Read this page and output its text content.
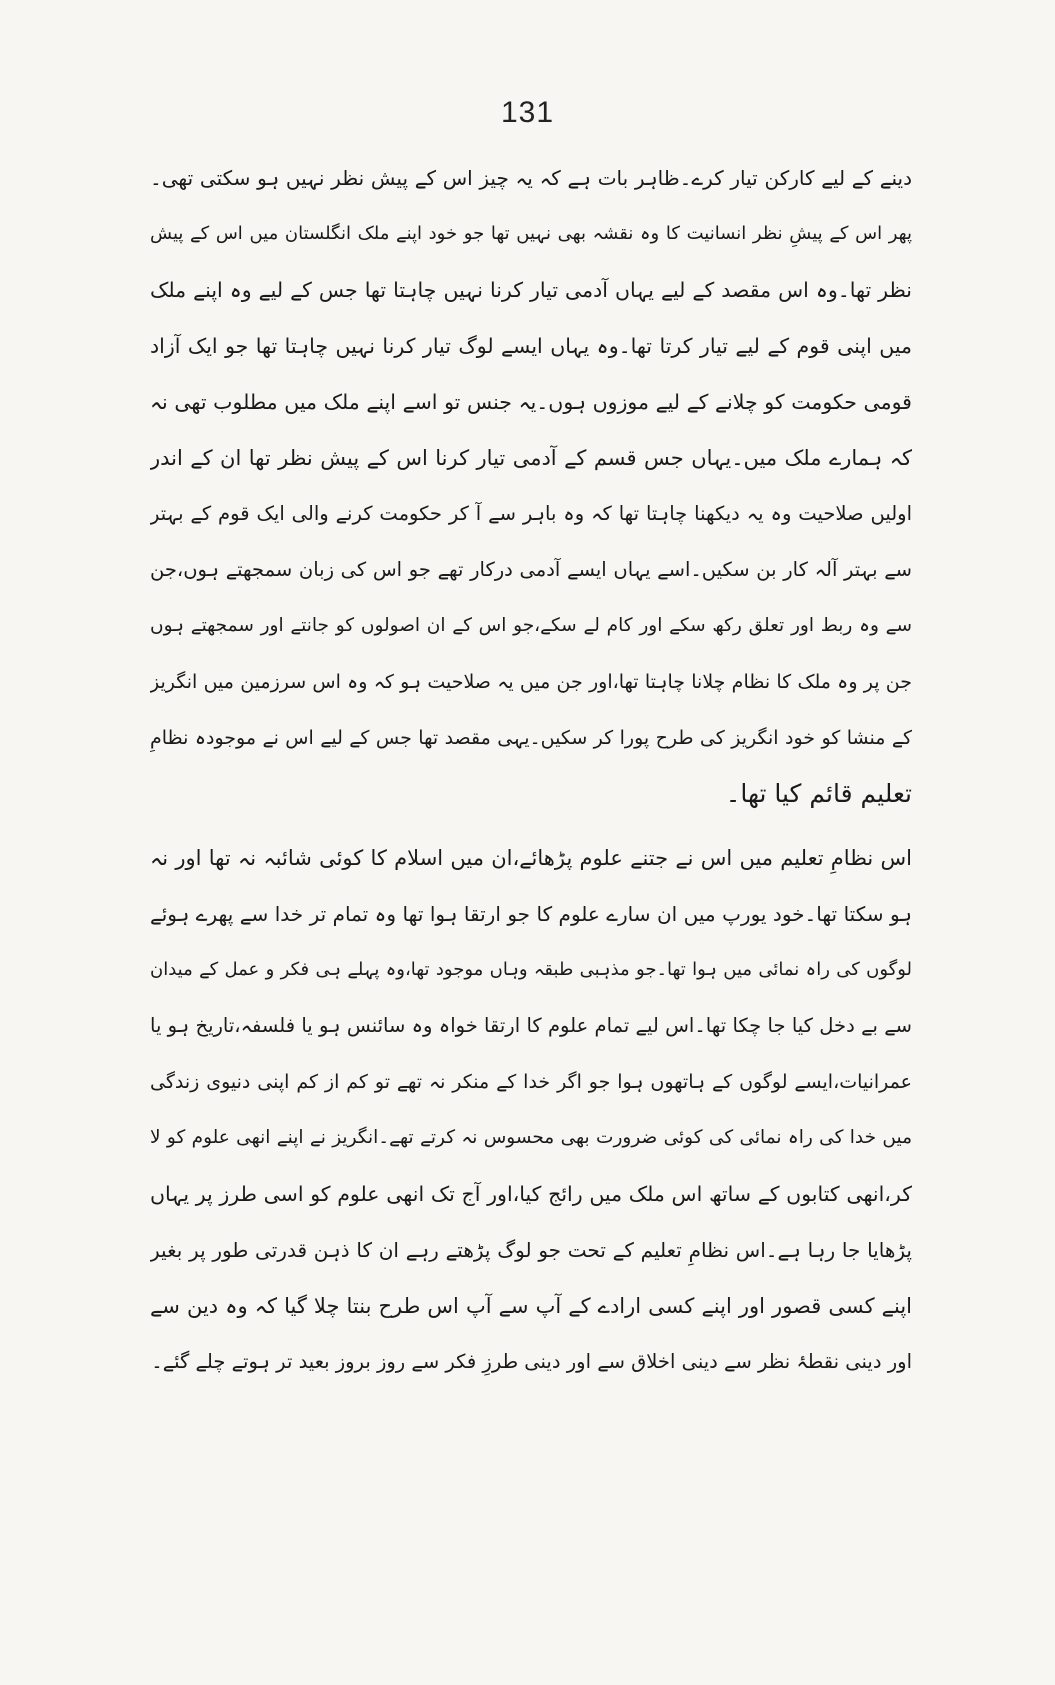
131
دینے کے لیے کارکن تیار کرے۔ظاہر بات ہے کہ یہ چیز اس کے پیش نظر نہیں ہو سکتی تھی۔
پھر اس کے پیشِ نظر انسانیت کا وہ نقشہ بھی نہیں تھا جو خود اپنے ملک انگلستان میں اس کے پیش
نظر تھا۔وہ اس مقصد کے لیے یہاں آدمی تیار کرنا نہیں چاہتا تھا جس کے لیے وہ اپنے ملک
میں اپنی قوم کے لیے تیار کرتا تھا۔وہ یہاں ایسے لوگ تیار کرنا نہیں چاہتا تھا جو ایک آزاد
قومی حکومت کو چلانے کے لیے موزوں ہوں۔یہ جنس تو اسے اپنے ملک میں مطلوب تھی نہ
کہ ہمارے ملک میں۔یہاں جس قسم کے آدمی تیار کرنا اس کے پیش نظر تھا ان کے اندر
اولیں صلاحیت وہ یہ دیکھنا چاہتا تھا کہ وہ باہر سے آ کر حکومت کرنے والی ایک قوم کے بہتر
سے بہتر آلہ کار بن سکیں۔اسے یہاں ایسے آدمی درکار تھے جو اس کی زبان سمجھتے ہوں،جن
سے وہ ربط اور تعلق رکھ سکے اور کام لے سکے،جو اس کے ان اصولوں کو جانتے اور سمجھتے ہوں
جن پر وہ ملک کا نظام چلانا چاہتا تھا،اور جن میں یہ صلاحیت ہو کہ وہ اس سرزمین میں انگریز
کے منشا کو خود انگریز کی طرح پورا کر سکیں۔یہی مقصد تھا جس کے لیے اس نے موجودہ نظامِ
تعلیم قائم کیا تھا۔
اس نظامِ تعلیم میں اس نے جتنے علوم پڑھائے،ان میں اسلام کا کوئی شائبہ نہ تھا اور نہ
ہو سکتا تھا۔خود یورپ میں ان سارے علوم کا جو ارتقا ہوا تھا وہ تمام تر خدا سے پھرے ہوئے
لوگوں کی راہ نمائی میں ہوا تھا۔جو مذہبی طبقہ وہاں موجود تھا،وہ پہلے ہی فکر و عمل کے میدان
سے بے دخل کیا جا چکا تھا۔اس لیے تمام علوم کا ارتقا خواہ وہ سائنس ہو یا فلسفہ،تاریخ ہو یا
عمرانیات،ایسے لوگوں کے ہاتھوں ہوا جو اگر خدا کے منکر نہ تھے تو کم از کم اپنی دنیوی زندگی
میں خدا کی راہ نمائی کی کوئی ضرورت بھی محسوس نہ کرتے تھے۔انگریز نے اپنے انھی علوم کو لا
کر،انھی کتابوں کے ساتھ اس ملک میں رائج کیا،اور آج تک انھی علوم کو اسی طرز پر یہاں
پڑھایا جا رہا ہے۔اس نظامِ تعلیم کے تحت جو لوگ پڑھتے رہے ان کا ذہن قدرتی طور پر بغیر
اپنے کسی قصور اور اپنے کسی ارادے کے آپ سے آپ اس طرح بنتا چلا گیا کہ وہ دین سے
اور دینی نقطۂ نظر سے دینی اخلاق سے اور دینی طرزِ فکر سے روز بروز بعید تر ہوتے چلے گئے۔
